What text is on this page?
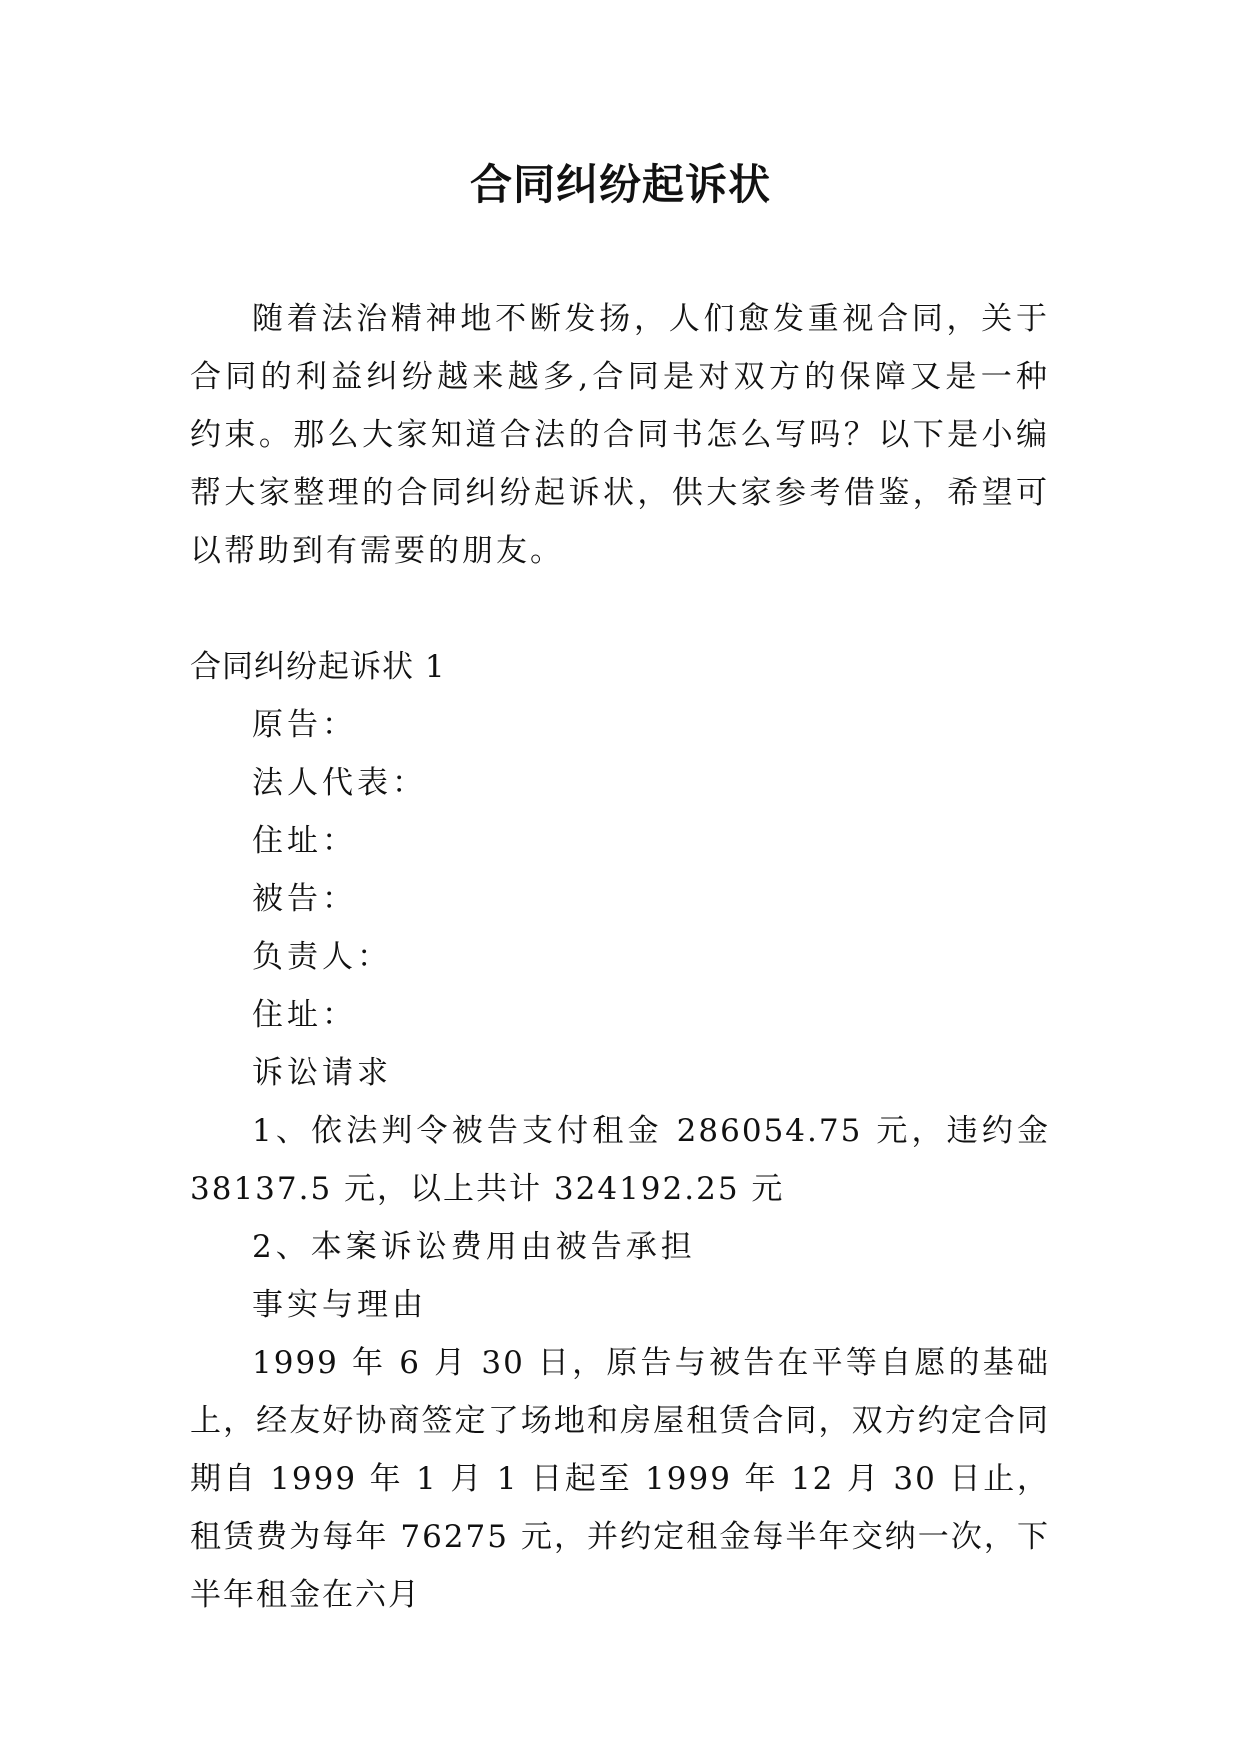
合同纠纷起诉状

随着法治精神地不断发扬，人们愈发重视合同，关于合同的利益纠纷越来越多,合同是对双方的保障又是一种约束。那么大家知道合法的合同书怎么写吗？以下是小编帮大家整理的合同纠纷起诉状，供大家参考借鉴，希望可以帮助到有需要的朋友。

合同纠纷起诉状 1

原告：

法人代表：

住址：

被告：

负责人：

住址：

诉讼请求

1、依法判令被告支付租金 286054.75 元，违约金 38137.5 元，以上共计 324192.25 元

2、本案诉讼费用由被告承担

事实与理由

1999 年 6 月 30 日，原告与被告在平等自愿的基础上，经友好协商签定了场地和房屋租赁合同，双方约定合同期自 1999 年 1 月 1 日起至 1999 年 12 月 30 日止，租赁费为每年 76275 元，并约定租金每半年交纳一次，下半年租金在六月
